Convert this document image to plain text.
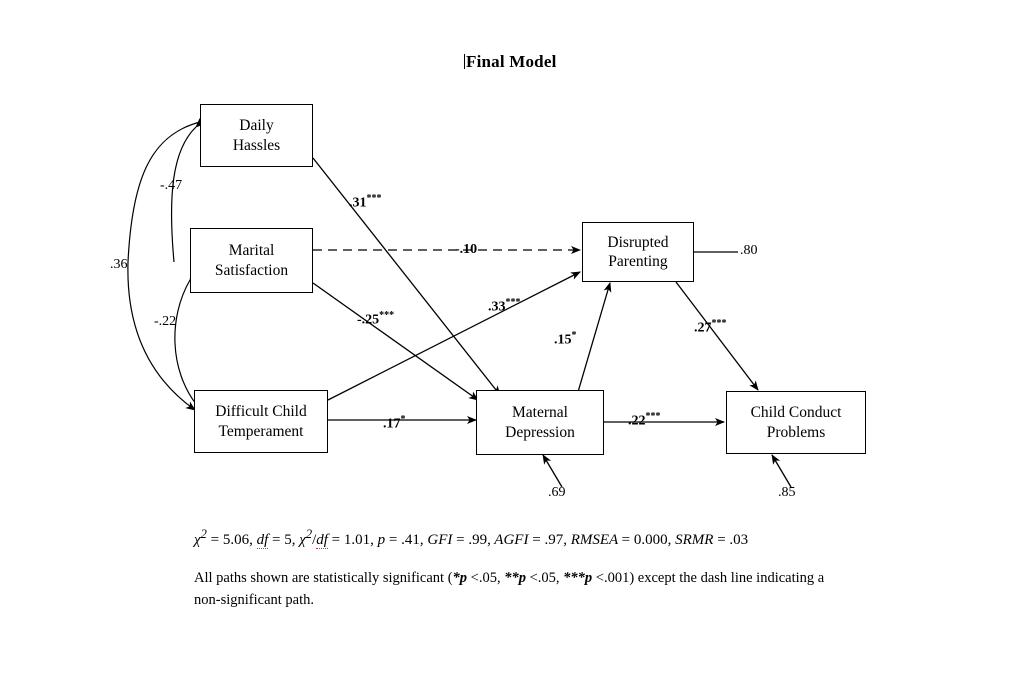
Final Model
Daily
Hassles
Marital
Satisfaction
Difficult Child
Temperament
Maternal
Depression
Disrupted
Parenting
Child Conduct
Problems
-.47
.36
-.22
.31***
-.10
-.25***
.33***
.15*
.17*
.27***
.22***
.80
.69	.85
$\chi^2 = 5.06$, df = 5, $\chi^2/df = 1.01$, p = .41, GFI = .99, AGFI = .97, RMSEA = 0.000, SRMR = .03
All paths shown are statistically significant (*p <.05, **p <.05, ***p <.001) except the dash line indicating a non-significant path.
